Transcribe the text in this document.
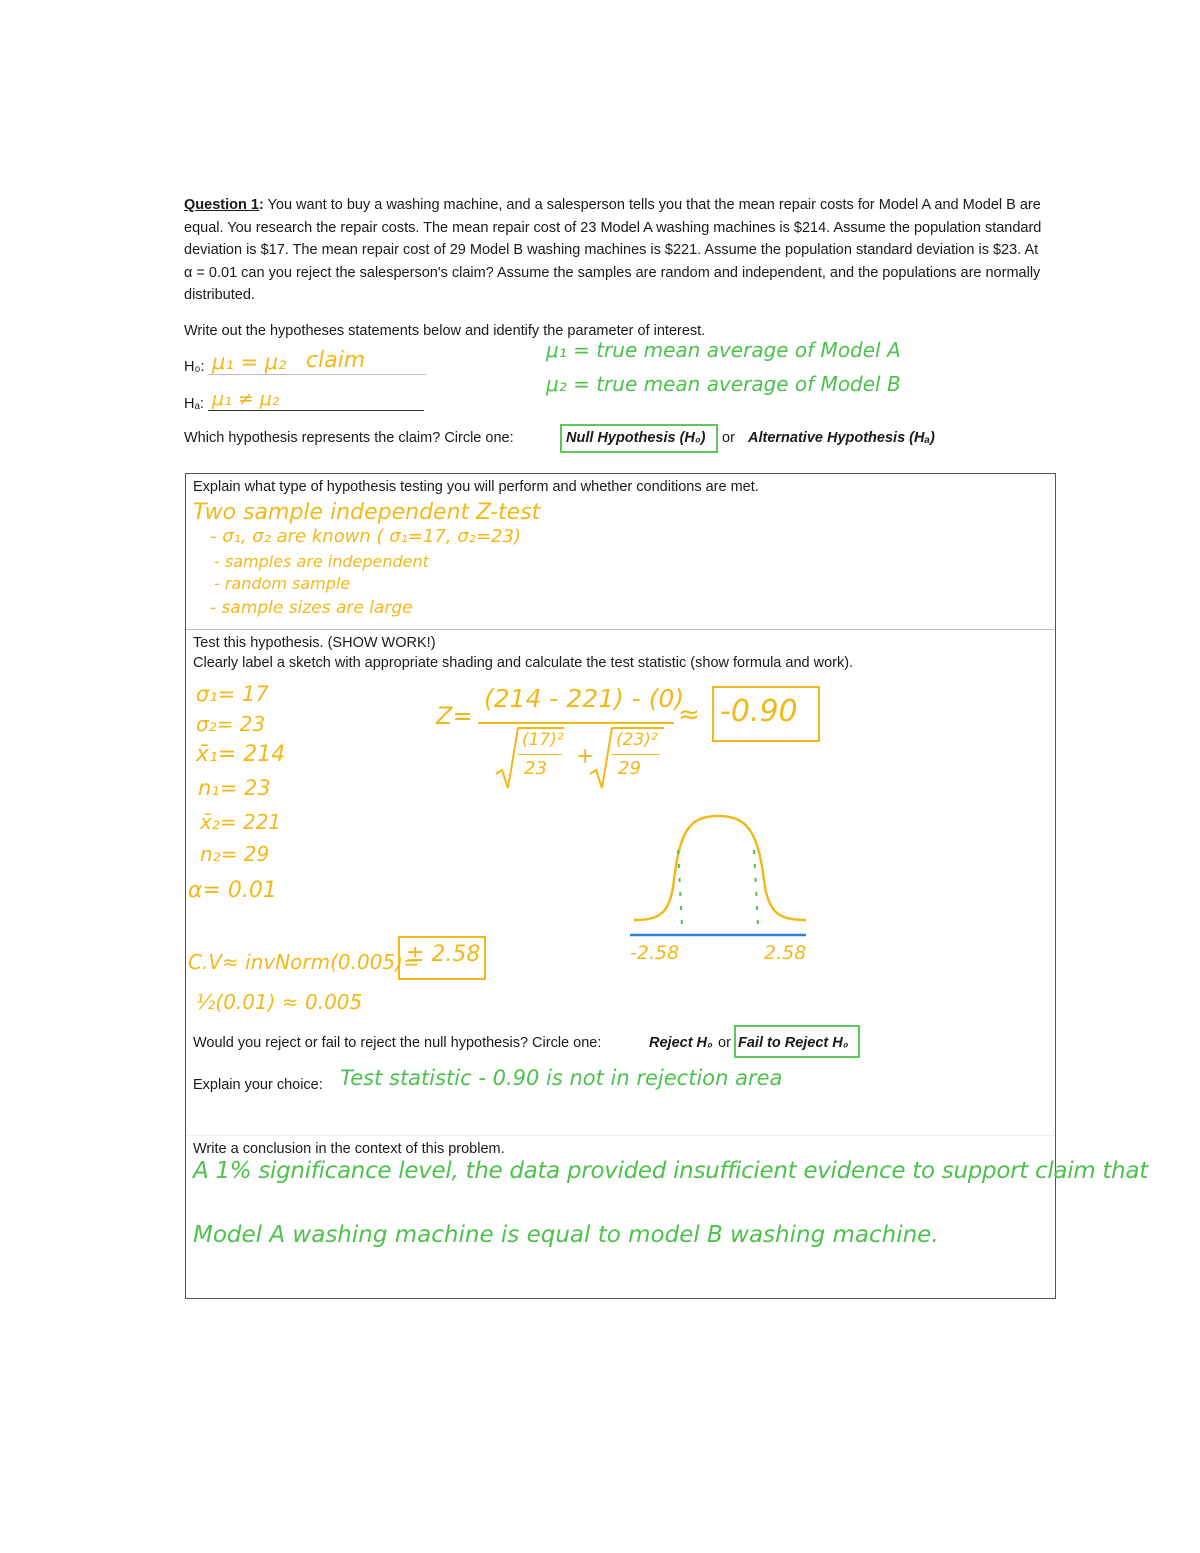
Question 1: You want to buy a washing machine, and a salesperson tells you that the mean repair costs for Model A and Model B are equal. You research the repair costs. The mean repair cost of 23 Model A washing machines is $214. Assume the population standard deviation is $17. The mean repair cost of 29 Model B washing machines is $221. Assume the population standard deviation is $23. At α = 0.01 can you reject the salesperson's claim? Assume the samples are random and independent, and the populations are normally distributed.
Write out the hypotheses statements below and identify the parameter of interest.
H₀: μ₁ = μ₂ claim
Hₐ: μ₁ ≠ μ₂
μ₁ = true mean average of Model A
μ₂ = true mean average of Model B
Which hypothesis represents the claim? Circle one:	Null Hypothesis (H₀) or Alternative Hypothesis (Hₐ)
Explain what type of hypothesis testing you will perform and whether conditions are met.
Two sample independent Z-test
- σ₁, σ₂ are known ( σ₁=17, σ₂=23)
- samples are independent
- random sample
- sample sizes are large
Test this hypothesis. (SHOW WORK!)
Clearly label a sketch with appropriate shading and calculate the test statistic (show formula and work).
σ₁= 17
σ₂= 23
x̄₁= 214
n₁= 23
x̄₂= 221
n₂= 29
α= 0.01
Z=
(214 - 221) - (0)
(17)²
23 +
(23)²
29
≈ -0.90
-2.58	2.58
C.V≈ invNorm(0.005)=
± 2.58
½(0.01) ≈ 0.005
Would you reject or fail to reject the null hypothesis? Circle one:	Reject H₀ or Fail to Reject H₀
Explain your choice: Test statistic - 0.90 is not in rejection area
Write a conclusion in the context of this problem.
A 1% significance level, the data provided insufficient evidence to support claim that
Model A washing machine is equal to model B washing machine.
